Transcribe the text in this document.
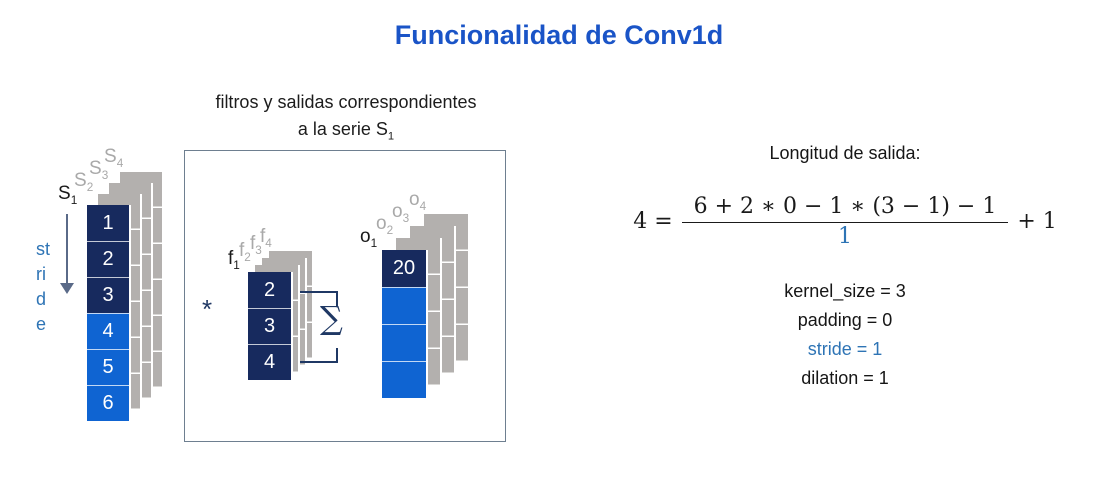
Funcionalidad de Conv1d
1
2
3
4
5
6
$S_1$
$S_2$
$S_3$
$S_4$
stride
filtros y salidas correspondientes
a la serie $S_1$
*
2
3
4
$f_1$
$f_2$
$f_3$
$f_4$
∑
20
$o_1$
$o_2$
$o_3$
$o_4$
Longitud de salida:
$4 = \frac{6 + 2 ∗ 0 - 1 ∗ (3 - 1) - 1}{1} + 1$
kernel_size = 3
padding = 0
stride = 1
dilation = 1
